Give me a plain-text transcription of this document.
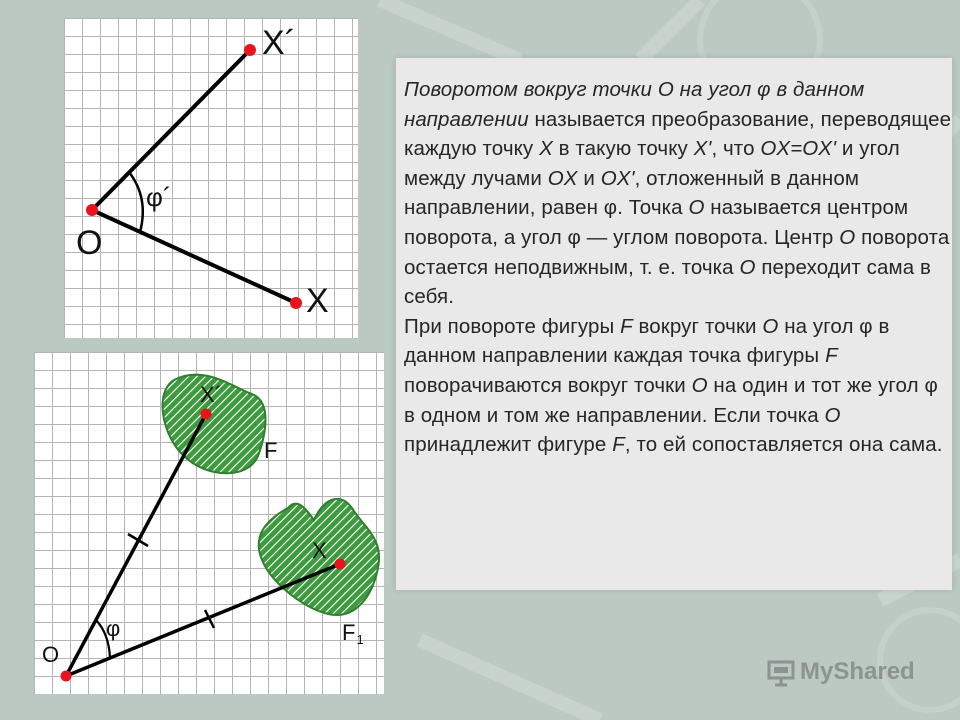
X´
φ´
O
X
X´
F
X
φ
O
$F_1$
Поворотом вокруг точки O на угол φ в данном направлении называется преобразование, переводящее каждую точку X в такую точку X', что OX=OX' и угол между лучами OX и OX', отложенный в данном направлении, равен φ. Точка O называется центром поворота, а угол φ — углом поворота. Центр O поворота остается неподвижным, т. е. точка O переходит сама в себя.
При повороте фигуры F вокруг точки O на угол φ в данном направлении каждая точка фигуры F поворачиваются вокруг точки O на один и тот же угол φ в одном и том же направлении. Если точка O принадлежит фигуре F, то ей сопоставляется она сама.
MyShared
